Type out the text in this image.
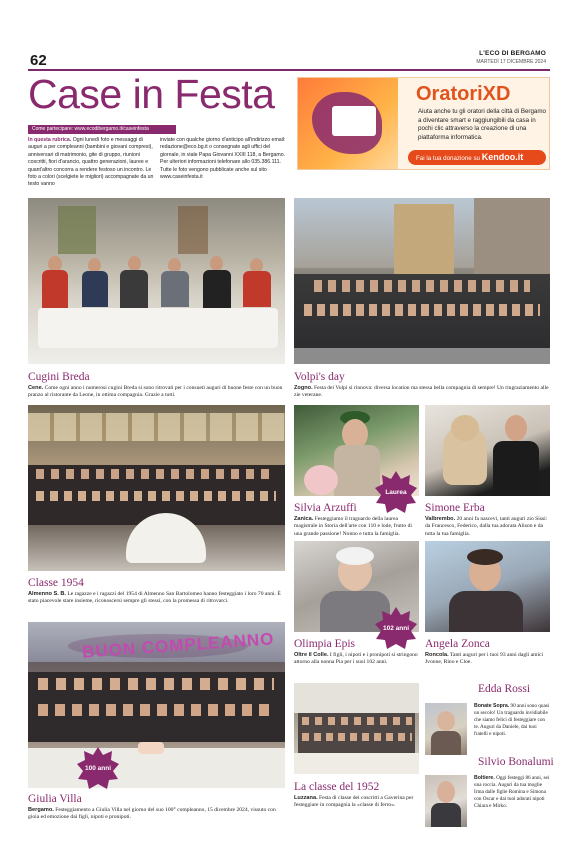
62	L'ECO DI BERGAMO
MARTEDÌ 17 DICEMBRE 2024
Case in Festa
Come partecipare: www.ecodibergamo.it/caseinfesta
In questa rubrica. Ogni lunedì foto e messaggi di auguri a per compleanni (bambini e giovani compresi), anniversari di matrimonio, gite di gruppo, riunioni coscritti, fiori d'arancio, quattro generazioni, lauree e quant'altro concorra a rendere festoso un incontro. Le foto a colori (scelgiete le migliori) accompagnate da un testo vanno
inviate con qualche giorno d'anticipo all'indirizzo email: redazione@eco.bg.it o consegnate agli uffici del giornale, in viale Papa Giovanni XXIII 118, a Bergamo. Per ulteriori informazioni telefonare allo 035.386.111. Tutte le foto vengono pubblicate anche sul sito www.caseinfesta.it
OratoriXD
Aiuta anche tu gli oratori della città di Bergamo a diventare smart e raggiungibili da casa in pochi clic attraverso la creazione di una piattaforma informatica.
Fai la tua donazione su Kendoo.it
Cugini Breda
Cene. Come ogni anno i numerosi cugini Breda si sono ritrovati per i consueti auguri di buone feste con un buon pranzo al ristorante da Leone, in ottima compagnia. Grazie a tutti.
Volpi's day
Zogno. Festa dei Volpi si rinnova: diversa location ma stessa bella compagnia di sempre! Un ringraziamento alle zie veterane.
Laurea
Silvia Arzuffi
Zanica. Festeggiamo il traguardo della laurea magistrale in Storia dell'arte con 110 e lode, frutto di una grande passione! Nonno e tutta la famiglia.
Simone Erba
Valbrembo. 20 anni fa nascevi, tanti auguri zio Sissi: da Francesco, Federico, dalla tua adorata Alison e da tutta la tua famiglia.
102 anni
Classe 1954
Almenno S. B. Le ragazze e i ragazzi del 1954 di Almenno San Bartolomeo hanno festeggiato i loro 70 anni. È stato piacevole stare insieme, riconoscersi sempre gli stessi, con la promessa di ritrovarci.
Olimpia Epis
Oltre il Colle. I figli, i nipoti e i pronipoti si stringono attorno alla nonna Pia per i suoi 102 anni.
Angela Zonca
Roncola. Tanti auguri per i tuoi 93 anni dagli amici Jvonne, Rino e Cloe.
BUON COMPLEANNO
100 anni
Edda Rossi
Bonate Sopra. 90 anni sono quasi un secolo! Un traguardo invidiabile che siamo felici di festeggiare con te. Auguri da Daniele, dai tuoi fratelli e nipoti.
Silvio Bonalumi
Boltiere. Oggi festeggi 86 anni, sei una roccia. Auguri da tua moglie Irma dalle figlie Romina e Simona con Oscar e dai tuoi adorati nipoti Chiara e Mirko.
Giulia Villa
Bergamo. Festeggiamento a Giulia Villa nel giorno del suo 100° compleanno, 15 dicembre 2024, vissuto con gioia ed emozione dai figli, nipoti e pronipoti.
La classe del 1952
Luzzana. Festa di classe dei coscritti a Gaverina per festeggiare in compagnia la «classe di ferro».
